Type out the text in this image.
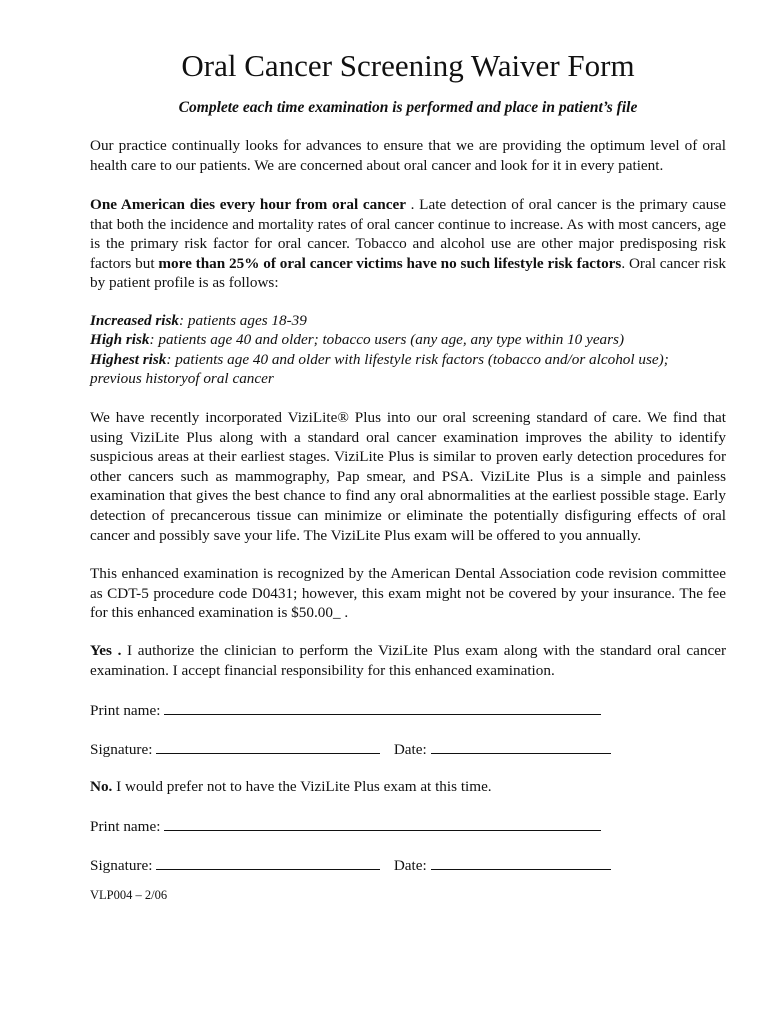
Oral Cancer Screening Waiver Form
Complete each time examination is performed and place in patient’s file
Our practice continually looks for advances to ensure that we are providing the optimum level of oral health care to our patients. We are concerned about oral cancer and look for it in every patient.
One American dies every hour from oral cancer . Late detection of oral cancer is the primary cause that both the incidence and mortality rates of oral cancer continue to increase. As with most cancers, age is the primary risk factor for oral cancer. Tobacco and alcohol use are other major predisposing risk factors but more than 25% of oral cancer victims have no such lifestyle risk factors. Oral cancer risk by patient profile is as follows:
Increased risk: patients ages 18-39
High risk: patients age 40 and older; tobacco users (any age, any type within 10 years)
Highest risk: patients age 40 and older with lifestyle risk factors (tobacco and/or alcohol use);
previous historyof oral cancer
We have recently incorporated ViziLite® Plus into our oral screening standard of care. We find that using ViziLite Plus along with a standard oral cancer examination improves the ability to identify suspicious areas at their earliest stages. ViziLite Plus is similar to proven early detection procedures for other cancers such as mammography, Pap smear, and PSA. ViziLite Plus is a simple and painless examination that gives the best chance to find any oral abnormalities at the earliest possible stage. Early detection of precancerous tissue can minimize or eliminate the potentially disfiguring effects of oral cancer and possibly save your life. The ViziLite Plus exam will be offered to you annually.
This enhanced examination is recognized by the American Dental Association code revision committee as CDT-5 procedure code D0431; however, this exam might not be covered by your insurance. The fee for this enhanced examination is $50.00_ .
Yes . I authorize the clinician to perform the ViziLite Plus exam along with the standard oral cancer examination. I accept financial responsibility for this enhanced examination.
Print name:
Signature:	Date:
No. I would prefer not to have the ViziLite Plus exam at this time.
Print name:
Signature:	Date:
VLP004 – 2/06
